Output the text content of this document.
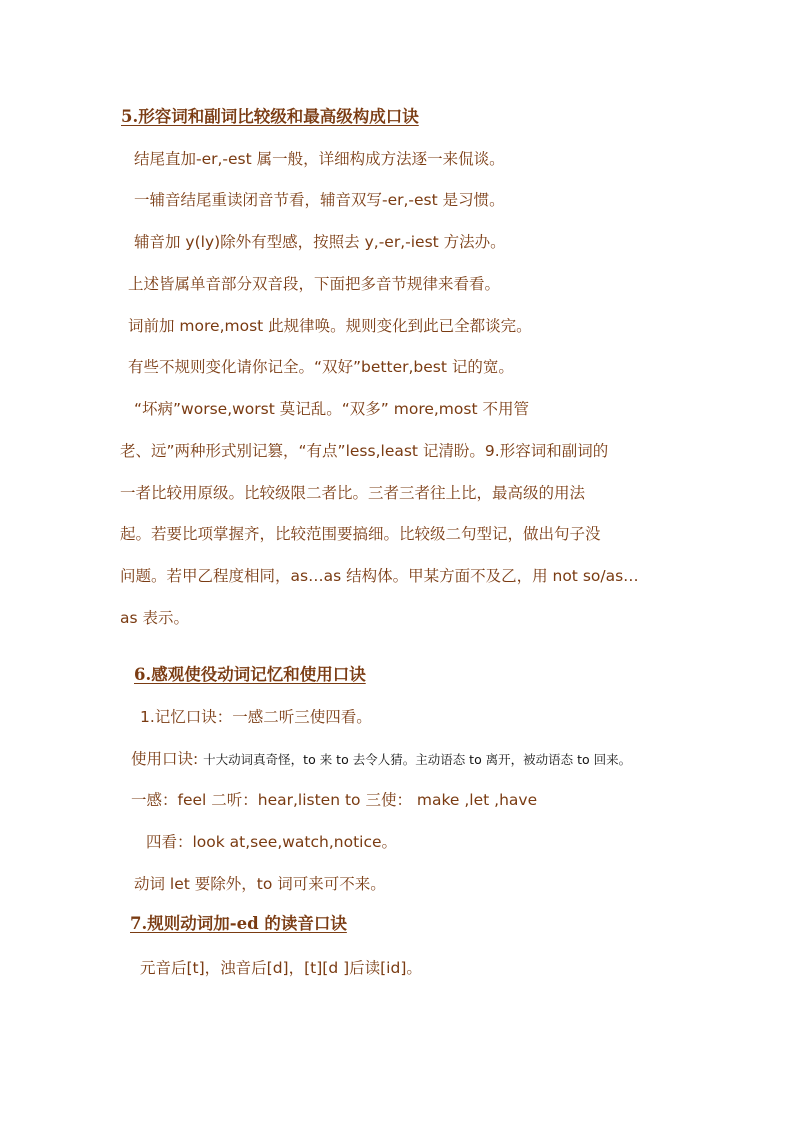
5.形容词和副词比较级和最高级构成口诀
结尾直加-er,-est 属一般，详细构成方法逐一来侃谈。
一辅音结尾重读闭音节看，辅音双写-er,-est 是习惯。
辅音加 y(ly)除外有型感，按照去 y,-er,-iest 方法办。
上述皆属单音部分双音段，下面把多音节规律来看看。
词前加 more,most 此规律唤。规则变化到此已全都谈完。
有些不规则变化请你记全。“双好”better,best 记的宽。
“坏病”worse,worst 莫记乱。“双多” more,most 不用管
老、远”两种形式别记篡，“有点”less,least 记清盼。9.形容词和副词的
一者比较用原级。比较级限二者比。三者三者往上比，最高级的用法
起。若要比项掌握齐，比较范围要搞细。比较级二句型记，做出句子没
问题。若甲乙程度相同，as…as 结构体。甲某方面不及乙，用 not so/as…
as 表示。
6.感观使役动词记忆和使用口诀
1.记忆口诀：一感二听三使四看。
使用口诀: 十大动词真奇怪，to 来 to 去令人猜。主动语态 to 离开，被动语态 to 回来。
一感：feel 二听：hear,listen to 三使： make ,let ,have
四看：look at,see,watch,notice。
动词 let 要除外，to 词可来可不来。
7.规则动词加-ed 的读音口诀
元音后[t]，浊音后[d]，[t][d ]后读[id]。
